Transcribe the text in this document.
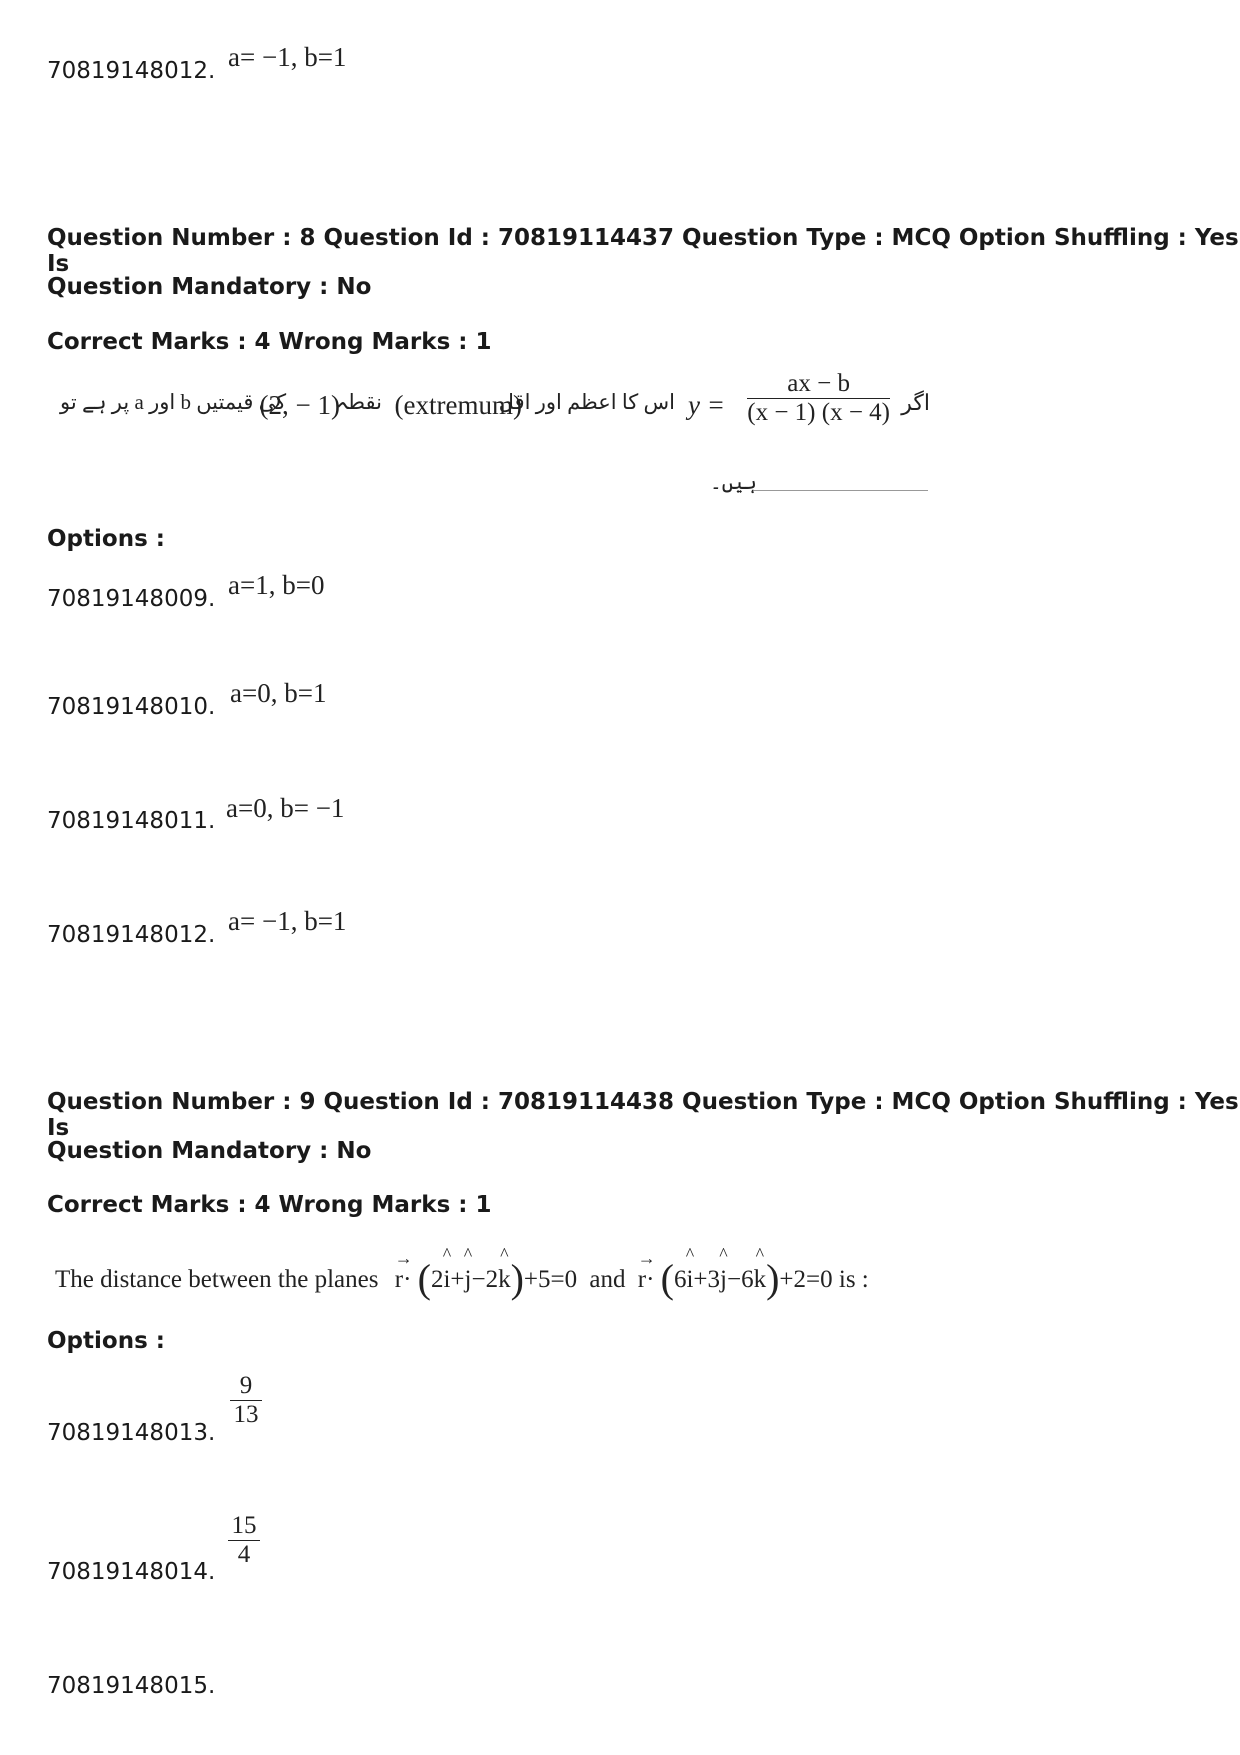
70819148012. a= −1, b=1
Question Number : 8 Question Id : 70819114437 Question Type : MCQ Option Shuffling : Yes Is
Question Mandatory : No
Correct Marks : 4 Wrong Marks : 1
اگر
$\frac{ax - b}{(x - 1) (x - 4)}$
y =
اس کا اعظم اور اقل
(extremum)
نقطہ
(2, − 1)
پر ہے تو a اور b کی قیمتیں
ہیں۔
Options :
70819148009. a=1, b=0
70819148010. a=0, b=1
70819148011. a=0, b= −1
70819148012. a= −1, b=1
Question Number : 9 Question Id : 70819114438 Question Type : MCQ Option Shuffling : Yes Is
Question Mandatory : No
Correct Marks : 4 Wrong Marks : 1
The distance between the planes
→
r· (2^ i+^ j−2^ k)+5=0 and
→
r· (6^ i+3^ j−6^ k)+2=0 is :
Options :
70819148013.
$\frac{9}{13}$
70819148014.
$\frac{15}{4}$
70819148015.
